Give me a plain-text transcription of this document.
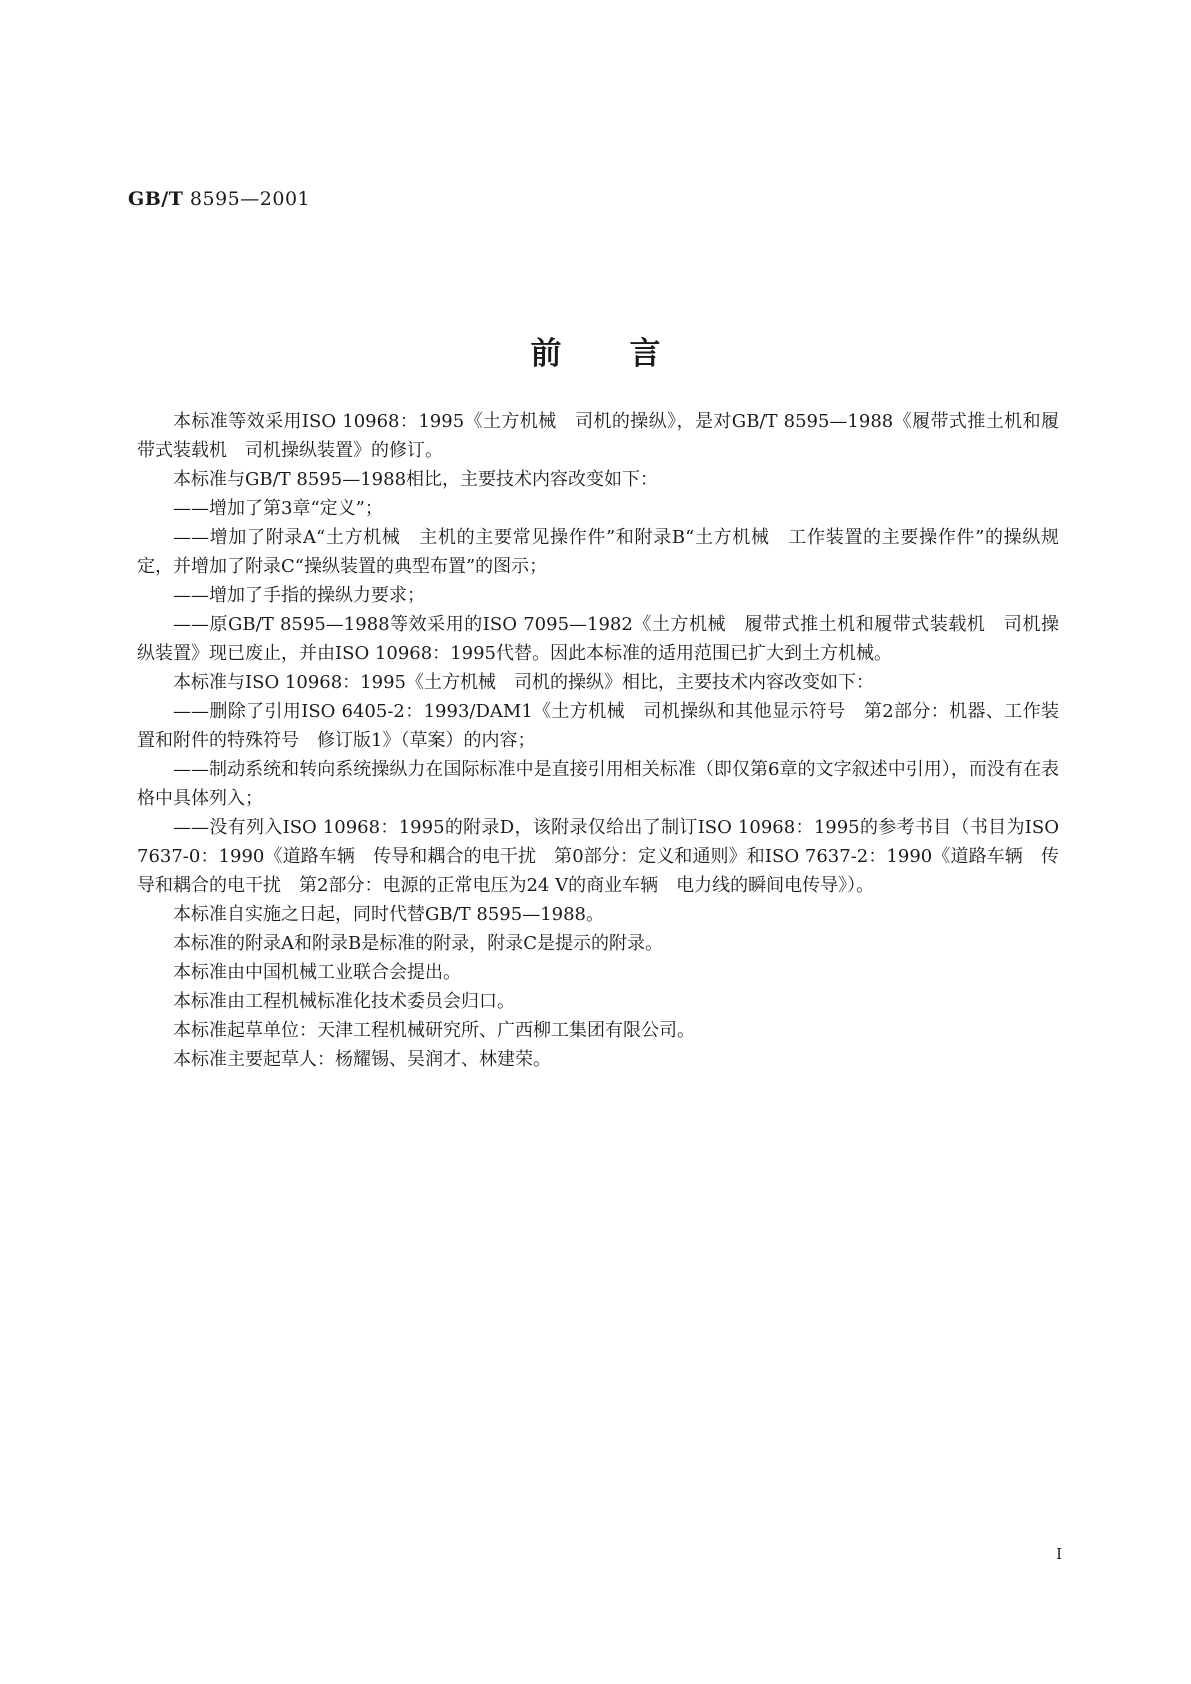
GB/T 8595—2001
前言

本标准等效采用ISO 10968：1995《土方机械　司机的操纵》，是对GB/T 8595—1988《履带式推土机和履带式装载机　司机操纵装置》的修订。

本标准与GB/T 8595—1988相比，主要技术内容改变如下：

——增加了第3章“定义”；

——增加了附录A“土方机械　主机的主要常见操作件”和附录B“土方机械　工作装置的主要操作件”的操纵规定，并增加了附录C“操纵装置的典型布置”的图示；

——增加了手指的操纵力要求；

——原GB/T 8595—1988等效采用的ISO 7095—1982《土方机械　履带式推土机和履带式装载机　司机操纵装置》现已废止，并由ISO 10968：1995代替。因此本标准的适用范围已扩大到土方机械。

本标准与ISO 10968：1995《土方机械　司机的操纵》相比，主要技术内容改变如下：

——删除了引用ISO 6405-2：1993/DAM1《土方机械　司机操纵和其他显示符号　第2部分：机器、工作装置和附件的特殊符号　修订版1》（草案）的内容；

——制动系统和转向系统操纵力在国际标准中是直接引用相关标准（即仅第6章的文字叙述中引用），而没有在表格中具体列入；

——没有列入ISO 10968：1995的附录D，该附录仅给出了制订ISO 10968：1995的参考书目（书目为ISO 7637-0：1990《道路车辆　传导和耦合的电干扰　第0部分：定义和通则》和ISO 7637-2：1990《道路车辆　传导和耦合的电干扰　第2部分：电源的正常电压为24 V的商业车辆　电力线的瞬间电传导》）。

本标准自实施之日起，同时代替GB/T 8595—1988。

本标准的附录A和附录B是标准的附录，附录C是提示的附录。

本标准由中国机械工业联合会提出。

本标准由工程机械标准化技术委员会归口。

本标准起草单位：天津工程机械研究所、广西柳工集团有限公司。

本标准主要起草人：杨耀锡、吴润才、林建荣。

I
